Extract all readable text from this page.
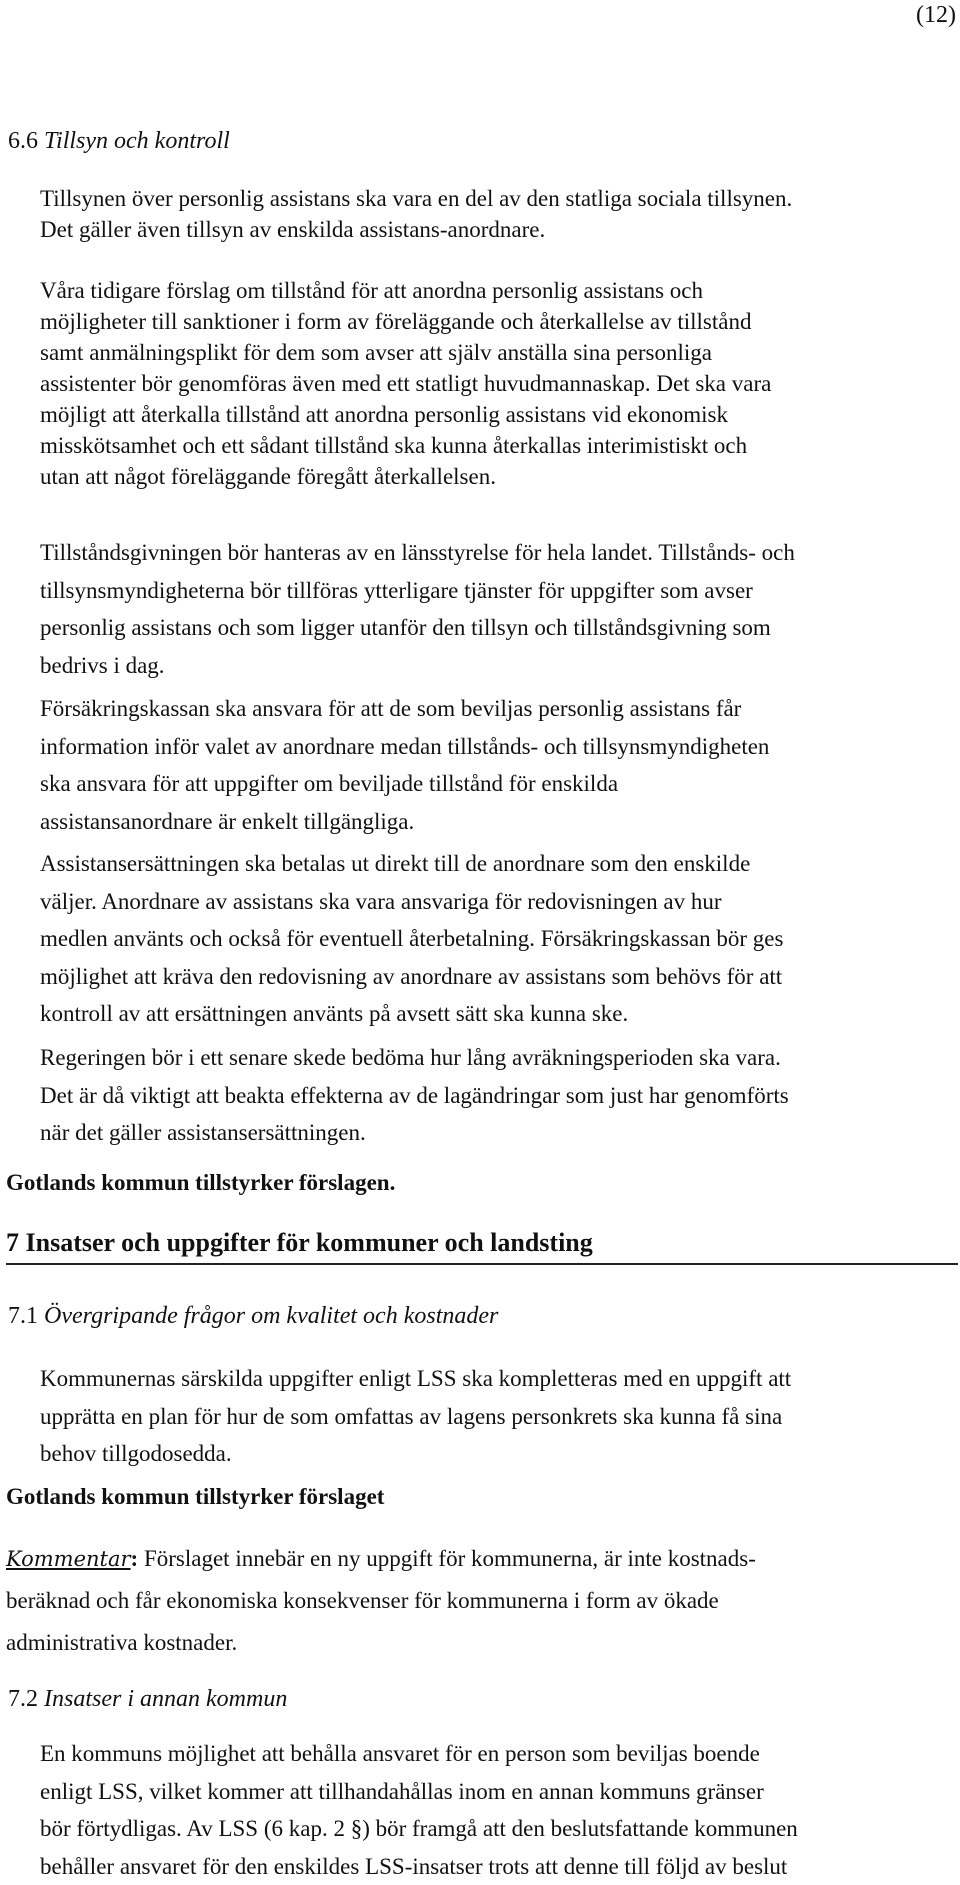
(12)
6.6 Tillsyn och kontroll
Tillsynen över personlig assistans ska vara en del av den statliga sociala tillsynen.
Det gäller även tillsyn av enskilda assistans-anordnare.
Våra tidigare förslag om tillstånd för att anordna personlig assistans och
möjligheter till sanktioner i form av föreläggande och återkallelse av tillstånd
samt anmälningsplikt för dem som avser att själv anställa sina personliga
assistenter bör genomföras även med ett statligt huvudmannaskap. Det ska vara
möjligt att återkalla tillstånd att anordna personlig assistans vid ekonomisk
misskötsamhet och ett sådant tillstånd ska kunna återkallas interimistiskt och
utan att något föreläggande föregått återkallelsen.
Tillståndsgivningen bör hanteras av en länsstyrelse för hela landet. Tillstånds- och
tillsynsmyndigheterna bör tillföras ytterligare tjänster för uppgifter som avser
personlig assistans och som ligger utanför den tillsyn och tillståndsgivning som
bedrivs i dag.
Försäkringskassan ska ansvara för att de som beviljas personlig assistans får
information inför valet av anordnare medan tillstånds- och tillsynsmyndigheten
ska ansvara för att uppgifter om beviljade tillstånd för enskilda
assistansanordnare är enkelt tillgängliga.
Assistansersättningen ska betalas ut direkt till de anordnare som den enskilde
väljer. Anordnare av assistans ska vara ansvariga för redovisningen av hur
medlen använts och också för eventuell återbetalning. Försäkringskassan bör ges
möjlighet att kräva den redovisning av anordnare av assistans som behövs för att
kontroll av att ersättningen använts på avsett sätt ska kunna ske.
Regeringen bör i ett senare skede bedöma hur lång avräkningsperioden ska vara.
Det är då viktigt att beakta effekterna av de lagändringar som just har genomförts
när det gäller assistansersättningen.
Gotlands kommun tillstyrker förslagen.
7 Insatser och uppgifter för kommuner och landsting
7.1 Övergripande frågor om kvalitet och kostnader
Kommunernas särskilda uppgifter enligt LSS ska kompletteras med en uppgift att
upprätta en plan för hur de som omfattas av lagens personkrets ska kunna få sina
behov tillgodosedda.
Gotlands kommun tillstyrker förslaget
Kommentar: Förslaget innebär en ny uppgift för kommunerna, är inte kostnads-
beräknad och får ekonomiska konsekvenser för kommunerna i form av ökade
administrativa kostnader.
7.2 Insatser i annan kommun
En kommuns möjlighet att behålla ansvaret för en person som beviljas boende
enligt LSS, vilket kommer att tillhandahållas inom en annan kommuns gränser
bör förtydligas. Av LSS (6 kap. 2 §) bör framgå att den beslutsfattande kommunen
behåller ansvaret för den enskildes LSS-insatser trots att denne till följd av beslut
